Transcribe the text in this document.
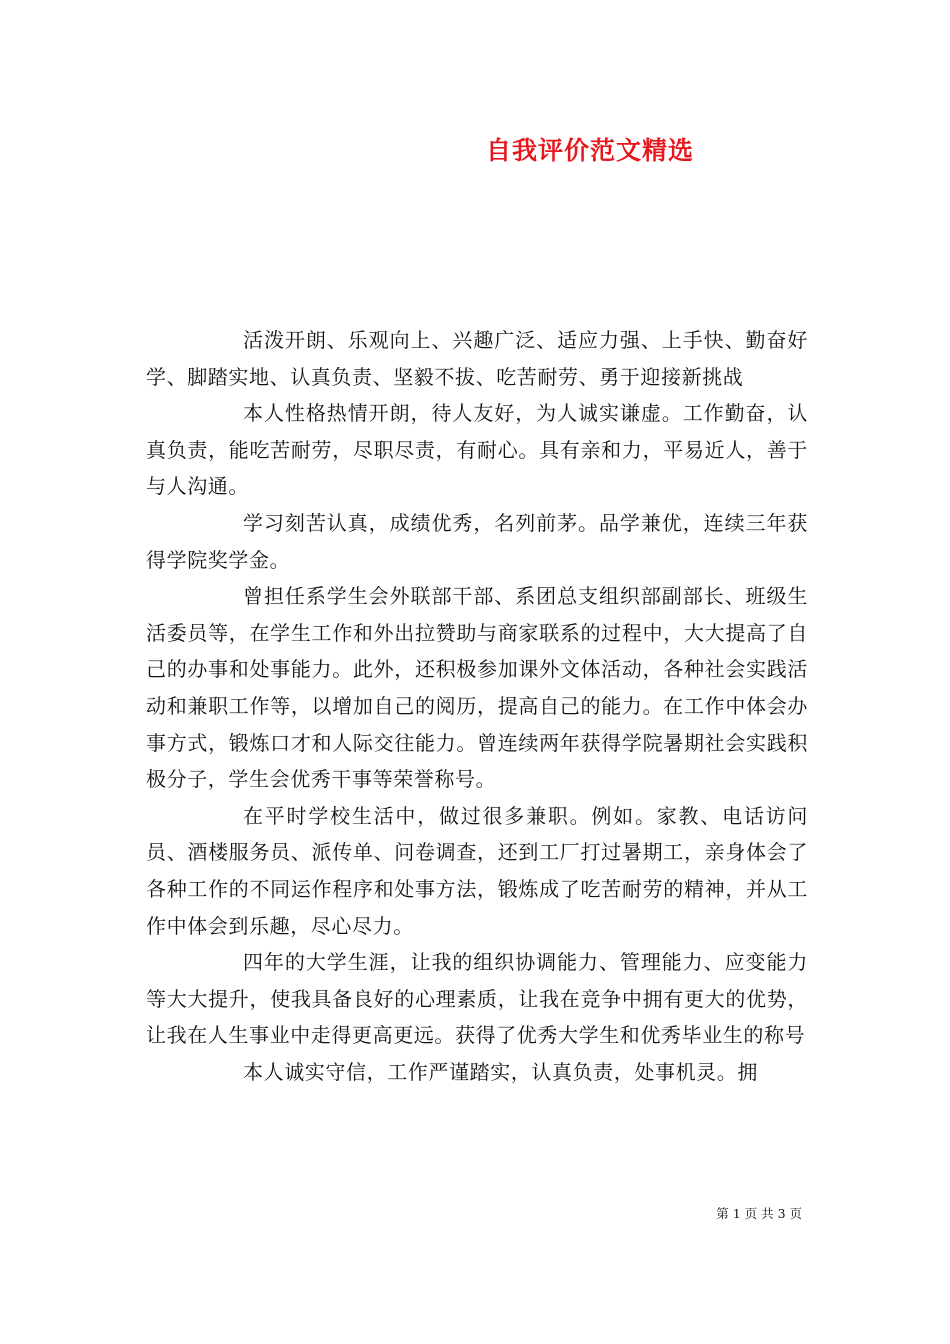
自我评价范文精选

活泼开朗、乐观向上、兴趣广泛、适应力强、上手快、勤奋好学、脚踏实地、认真负责、坚毅不拔、吃苦耐劳、勇于迎接新挑战

本人性格热情开朗，待人友好，为人诚实谦虚。工作勤奋，认真负责，能吃苦耐劳，尽职尽责，有耐心。具有亲和力，平易近人，善于与人沟通。

学习刻苦认真，成绩优秀，名列前茅。品学兼优，连续三年获得学院奖学金。

曾担任系学生会外联部干部、系团总支组织部副部长、班级生活委员等，在学生工作和外出拉赞助与商家联系的过程中，大大提高了自己的办事和处事能力。此外，还积极参加课外文体活动，各种社会实践活动和兼职工作等，以增加自己的阅历，提高自己的能力。在工作中体会办事方式，锻炼口才和人际交往能力。曾连续两年获得学院暑期社会实践积极分子，学生会优秀干事等荣誉称号。

在平时学校生活中，做过很多兼职。例如。家教、电话访问员、酒楼服务员、派传单、问卷调查，还到工厂打过暑期工，亲身体会了各种工作的不同运作程序和处事方法，锻炼成了吃苦耐劳的精神，并从工作中体会到乐趣，尽心尽力。

四年的大学生涯，让我的组织协调能力、管理能力、应变能力等大大提升，使我具备良好的心理素质，让我在竞争中拥有更大的优势，让我在人生事业中走得更高更远。获得了优秀大学生和优秀毕业生的称号

本人诚实守信，工作严谨踏实，认真负责，处事机灵。拥

第 1 页 共 3 页
